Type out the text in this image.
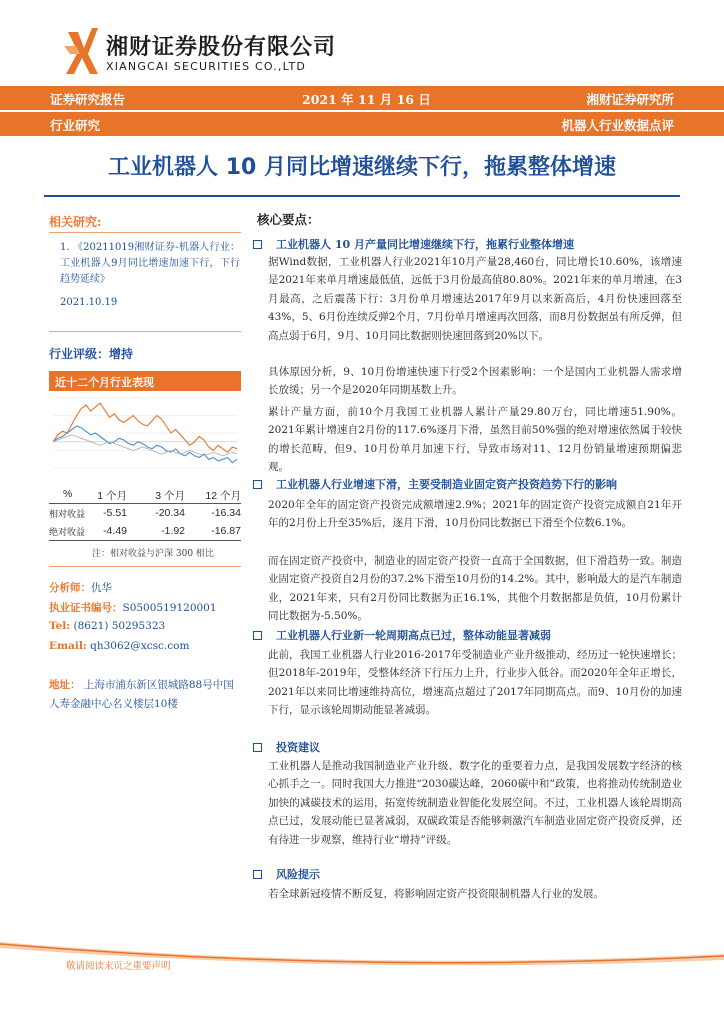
湘财证券股份有限公司
XIANGCAI SECURITIES CO.,LTD
证券研究报告	2021 年 11 月 16 日	湘财证券研究所
行业研究	机器人行业数据点评
工业机器人 10 月同比增速继续下行，拖累整体增速
相关研究:
1. 《20211019湘财证券-机器人行业：工业机器人9月同比增速加速下行，下行趋势延续》
2021.10.19
行业评级：增持
近十二个月行业表现
% 1 个月	3 个月 12 个月
相对收益 -5.51	-20.34 -16.34
绝对收益 -4.49	-1.92 -16.87
注：相对收益与沪深 300 相比
分析师：仇华
执业证书编号：S0500519120001
Tel: (8621) 50295323
Email: qh3062@xcsc.com
地址： 上海市浦东新区银城路88号中国人寿金融中心名义楼层10楼
核心要点：
工业机器人 10 月产量同比增速继续下行，拖累行业整体增速
据Wind数据，工业机器人行业2021年10月产量28,460台，同比增长10.60%，该增速是2021年来单月增速最低值，远低于3月份最高值80.80%。2021年来的单月增速，在3月最高，之后震荡下行：3月份单月增速达2017年9月以来新高后，4月份快速回落至43%，5、6月份连续反弹2个月，7月份单月增速再次回落，而8月份数据虽有所反弹，但高点弱于6月，9月、10月同比数据则快速回落到20%以下。
具体原因分析，9、10月份增速快速下行受2个因素影响：一个是国内工业机器人需求增长放缓；另一个是2020年同期基数上升。
累计产量方面，前10个月我国工业机器人累计产量29.80万台，同比增速51.90%。2021年累计增速自2月份的117.6%逐月下滑，虽然目前50%强的绝对增速依然属于较快的增长范畴，但9、10月份单月加速下行，导致市场对11、12月份销量增速预期偏悲观。
工业机器人行业增速下滑，主要受制造业固定资产投资趋势下行的影响
2020年全年的固定资产投资完成额增速2.9%；2021年的固定资产投资完成额自21年开年的2月份上升至35%后，逐月下滑，10月份同比数据已下滑至个位数6.1%。
而在固定资产投资中，制造业的固定资产投资一直高于全国数据，但下滑趋势一致。制造业固定资产投资自2月份的37.2%下滑至10月份的14.2%。其中，影响最大的是汽车制造业，2021年来，只有2月份同比数据为正16.1%，其他个月数据都是负值，10月份累计同比数据为-5.50%。
工业机器人行业新一轮周期高点已过，整体动能显著减弱
此前，我国工业机器人行业2016-2017年受制造业产业升级推动，经历过一轮快速增长；但2018年-2019年，受整体经济下行压力上升，行业步入低谷。而2020年全年正增长，2021年以来同比增速维持高位，增速高点超过了2017年同期高点。而9、10月份的加速下行，显示该轮周期动能显著减弱。
投资建议
工业机器人是推动我国制造业产业升级、数字化的重要着力点，是我国发展数字经济的核心抓手之一。同时我国大力推进“2030碳达峰，2060碳中和”政策，也将推动传统制造业加快的减碳技术的运用，拓宽传统制造业智能化发展空间。不过，工业机器人该轮周期高点已过，发展动能已显著减弱，双碳政策是否能够刺激汽车制造业固定资产投资反弹，还有待进一步观察，维持行业“增持”评级。
风险提示
若全球新冠疫情不断反复，将影响固定资产投资限制机器人行业的发展。
敬请阅读末页之重要声明
